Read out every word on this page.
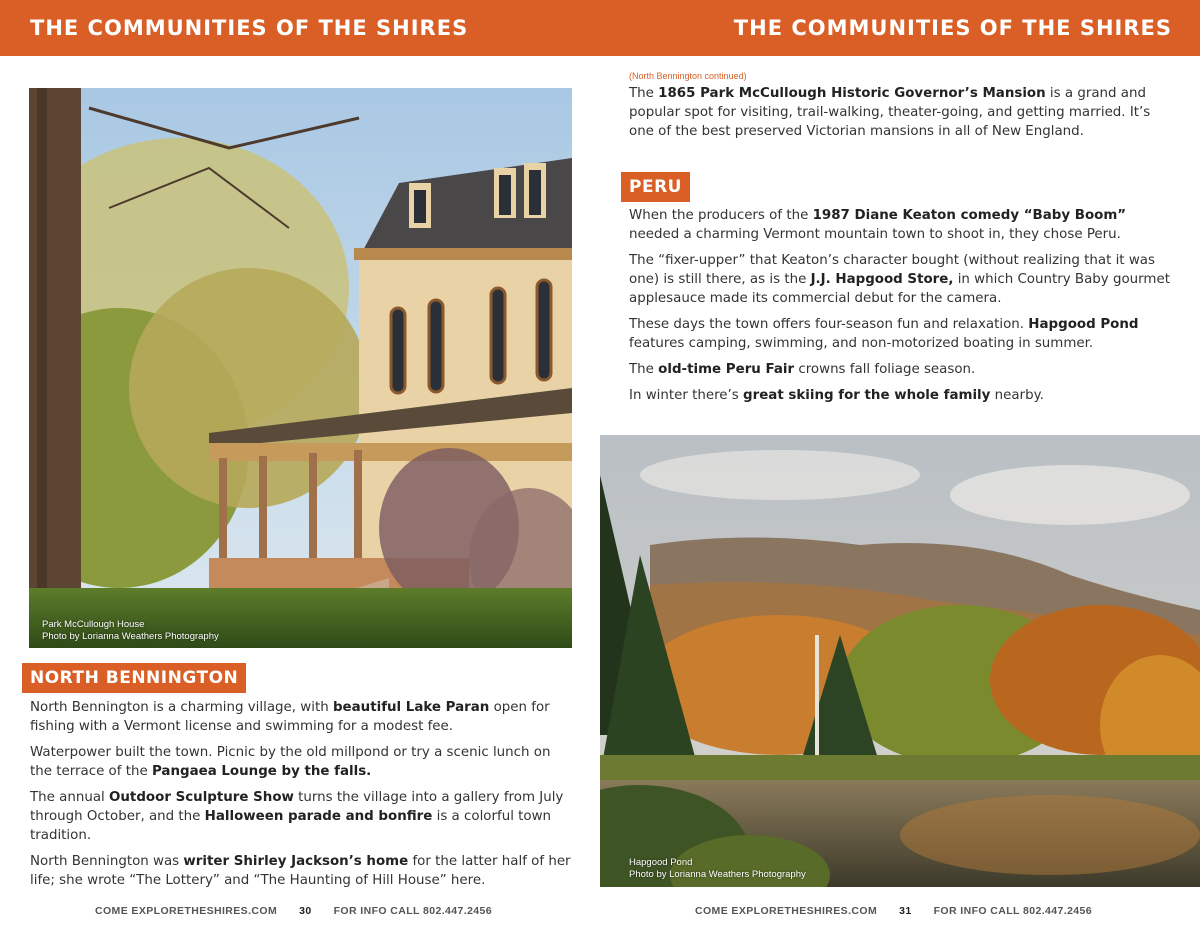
THE COMMUNITIES OF THE SHIRES	THE COMMUNITIES OF THE SHIRES
Park McCullough House
Photo by Lorianna Weathers Photography
NORTH BENNINGTON

North Bennington is a charming village, with beautiful Lake Paran open for fishing with a Vermont license and swimming for a modest fee.

Waterpower built the town. Picnic by the old millpond or try a scenic lunch on the terrace of the Pangaea Lounge by the falls.

The annual Outdoor Sculpture Show turns the village into a gallery from July through October, and the Halloween parade and bonfire is a colorful town tradition.

North Bennington was writer Shirley Jackson’s home for the latter half of her life; she wrote “The Lottery” and “The Haunting of Hill House” here.

COME EXPLORETHESHIRES.COM 30 FOR INFO CALL 802.447.2456
(North Bennington continued)

The 1865 Park McCullough Historic Governor’s Mansion is a grand and popular spot for visiting, trail-walking, theater-going, and getting married. It’s one of the best preserved Victorian mansions in all of New England.

PERU

When the producers of the 1987 Diane Keaton comedy “Baby Boom” needed a charming Vermont mountain town to shoot in, they chose Peru.

The “fixer-upper” that Keaton’s character bought (without realizing that it was one) is still there, as is the J.J. Hapgood Store, in which Country Baby gourmet applesauce made its commercial debut for the camera.

These days the town offers four-season fun and relaxation. Hapgood Pond features camping, swimming, and non-motorized boating in summer.

The old-time Peru Fair crowns fall foliage season.

In winter there’s great skiing for the whole family nearby.

Hapgood Pond
Photo by Lorianna Weathers Photography
COME EXPLORETHESHIRES.COM 31 FOR INFO CALL 802.447.2456
